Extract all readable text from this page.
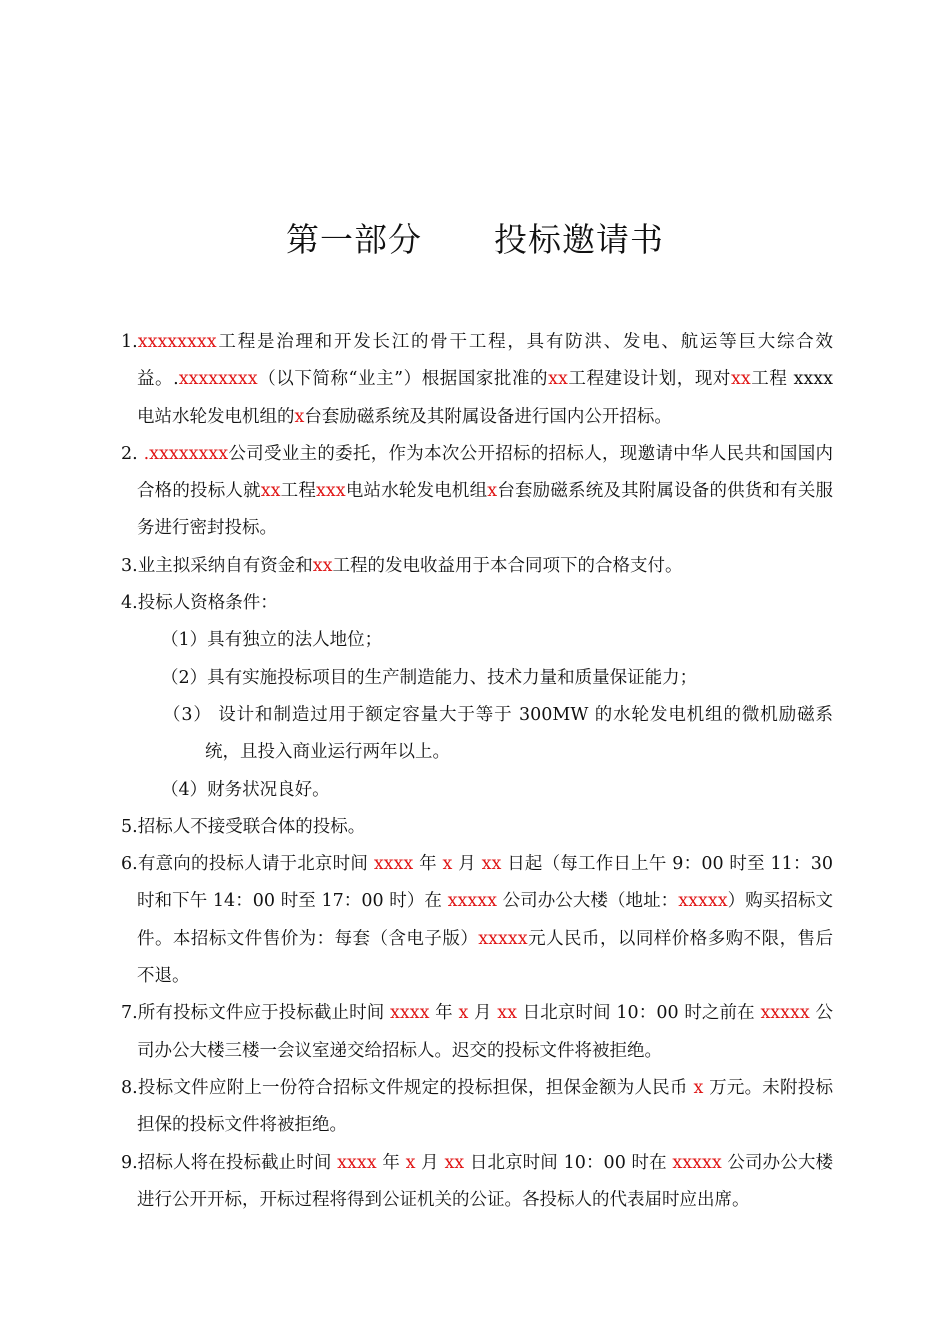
第一部分 投标邀请书

1.xxxxxxxx工程是治理和开发长江的骨干工程，具有防洪、发电、航运等巨大综合效益。.xxxxxxxx（以下简称“业主”）根据国家批准的xx工程建设计划，现对xx工程 xxxx 电站水轮发电机组的x台套励磁系统及其附属设备进行国内公开招标。

2. .xxxxxxxx公司受业主的委托，作为本次公开招标的招标人，现邀请中华人民共和国国内合格的投标人就xx工程xxx电站水轮发电机组x台套励磁系统及其附属设备的供货和有关服务进行密封投标。

3.业主拟采纳自有资金和xx工程的发电收益用于本合同项下的合格支付。

4.投标人资格条件：

（1）具有独立的法人地位；

（2）具有实施投标项目的生产制造能力、技术力量和质量保证能力；

（3） 设计和制造过用于额定容量大于等于 300MW 的水轮发电机组的微机励磁系统，且投入商业运行两年以上。

（4）财务状况良好。

5.招标人不接受联合体的投标。

6.有意向的投标人请于北京时间 xxxx 年 x 月 xx 日起（每工作日上午 9：00 时至 11：30 时和下午 14：00 时至 17：00 时）在 xxxxx 公司办公大楼（地址：xxxxx）购买招标文件。本招标文件售价为：每套（含电子版）xxxxx元人民币，以同样价格多购不限，售后不退。

7.所有投标文件应于投标截止时间 xxxx 年 x 月 xx 日北京时间 10：00 时之前在 xxxxx 公司办公大楼三楼一会议室递交给招标人。迟交的投标文件将被拒绝。

8.投标文件应附上一份符合招标文件规定的投标担保，担保金额为人民币 x 万元。未附投标担保的投标文件将被拒绝。

9.招标人将在投标截止时间 xxxx 年 x 月 xx 日北京时间 10：00 时在 xxxxx 公司办公大楼进行公开开标，开标过程将得到公证机关的公证。各投标人的代表届时应出席。
